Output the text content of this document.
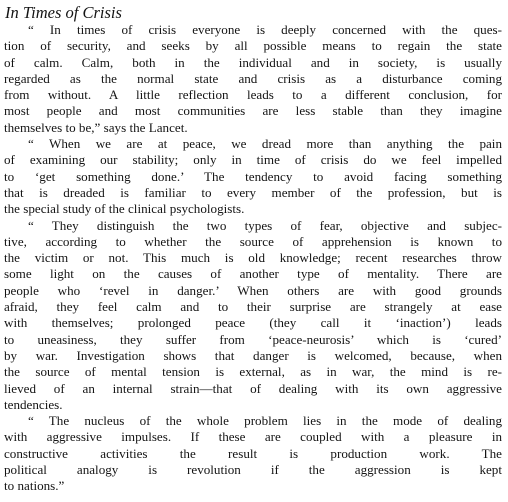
In Times of Crisis
“ In times of crisis everyone is deeply concerned with the ques-
tion of security, and seeks by all possible means to regain the state
of calm. Calm, both in the individual and in society, is usually
regarded as the normal state and crisis as a disturbance coming
from without. A little reflection leads to a different conclusion, for
most people and most communities are less stable than they imagine
themselves to be,” says the Lancet.
“ When we are at peace, we dread more than anything the pain
of examining our stability; only in time of crisis do we feel impelled
to ‘get something done.’ The tendency to avoid facing something
that is dreaded is familiar to every member of the profession, but is
the special study of the clinical psychologists.
“ They distinguish the two types of fear, objective and subjec-
tive, according to whether the source of apprehension is known to
the victim or not. This much is old knowledge; recent researches throw
some light on the causes of another type of mentality. There are
people who ‘revel in danger.’ When others are with good grounds
afraid, they feel calm and to their surprise are strangely at ease
with themselves; prolonged peace (they call it ‘inaction’) leads
to uneasiness, they suffer from ‘peace-neurosis’ which is ‘cured’
by war. Investigation shows that danger is welcomed, because, when
the source of mental tension is external, as in war, the mind is re-
lieved of an internal strain—that of dealing with its own aggressive
tendencies.
“ The nucleus of the whole problem lies in the mode of dealing
with aggressive impulses. If these are coupled with a pleasure in
constructive activities the result is production work. The
political analogy is revolution if the aggression is kept
to nations.”
